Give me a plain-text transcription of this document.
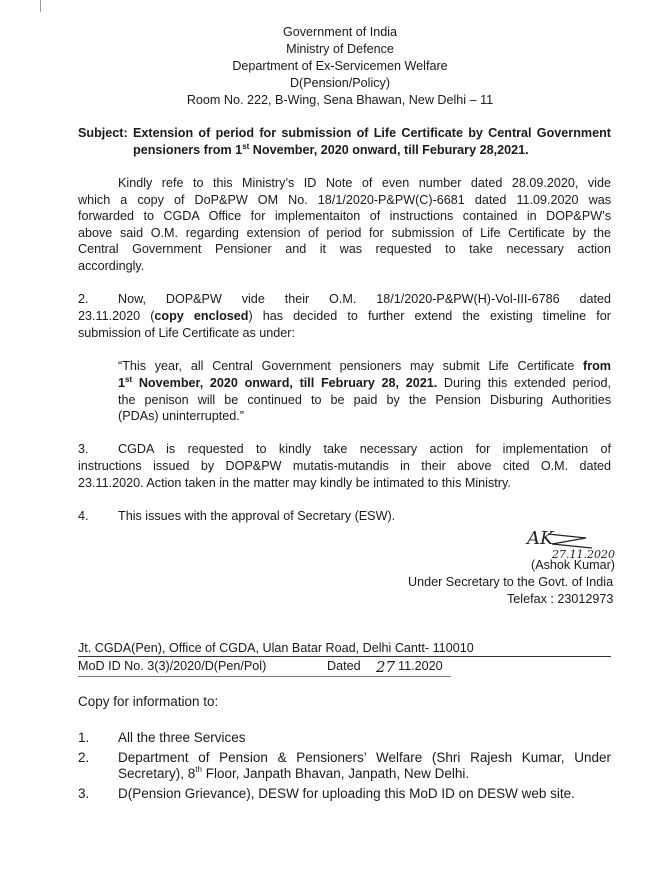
Government of India
Ministry of Defence
Department of Ex-Servicemen Welfare
D(Pension/Policy)
Room No. 222, B-Wing, Sena Bhawan, New Delhi – 11
Subject: Extension of period for submission of Life Certificate by Central Government
pensioners from 1st November, 2020 onward, till Feburary 28,2021.
Kindly refe to this Ministry’s ID Note of even number dated 28.09.2020, vide
which a copy of DoP&PW OM No. 18/1/2020-P&PW(C)-6681 dated 11.09.2020 was
forwarded to CGDA Office for implementaiton of instructions contained in DOP&PW’s
above said O.M. regarding extension of period for submission of Life Certificate by the
Central Government Pensioner and it was requested to take necessary action
accordingly.
2. Now, DOP&PW vide their O.M. 18/1/2020-P&PW(H)-Vol-III-6786 dated
23.11.2020 (copy enclosed) has decided to further extend the existing timeline for
submission of Life Certificate as under:
“This year, all Central Government pensioners may submit Life Certificate from
1st November, 2020 onward, till February 28, 2021. During this extended period,
the penison will be continued to be paid by the Pension Disburing Authorities
(PDAs) uninterrupted.”
3. CGDA is requested to kindly take necessary action for implementation of
instructions issued by DOP&PW mutatis-mutandis in their above cited O.M. dated
23.11.2020. Action taken in the matter may kindly be intimated to this Ministry.
4. This issues with the approval of Secretary (ESW).
AK
27.11.2020
(Ashok Kumar)
Under Secretary to the Govt. of India
Telefax : 23012973
Jt. CGDA(Pen), Office of CGDA, Ulan Batar Road, Delhi Cantt- 110010
MoD ID No. 3(3)/2020/D(Pen/Pol)	Dated 27 11.2020
Copy for information to:
1. All the three Services
2. Department of Pension & Pensioners’ Welfare (Shri Rajesh Kumar, Under
Secretary), 8th Floor, Janpath Bhavan, Janpath, New Delhi.
3. D(Pension Grievance), DESW for uploading this MoD ID on DESW web site.
